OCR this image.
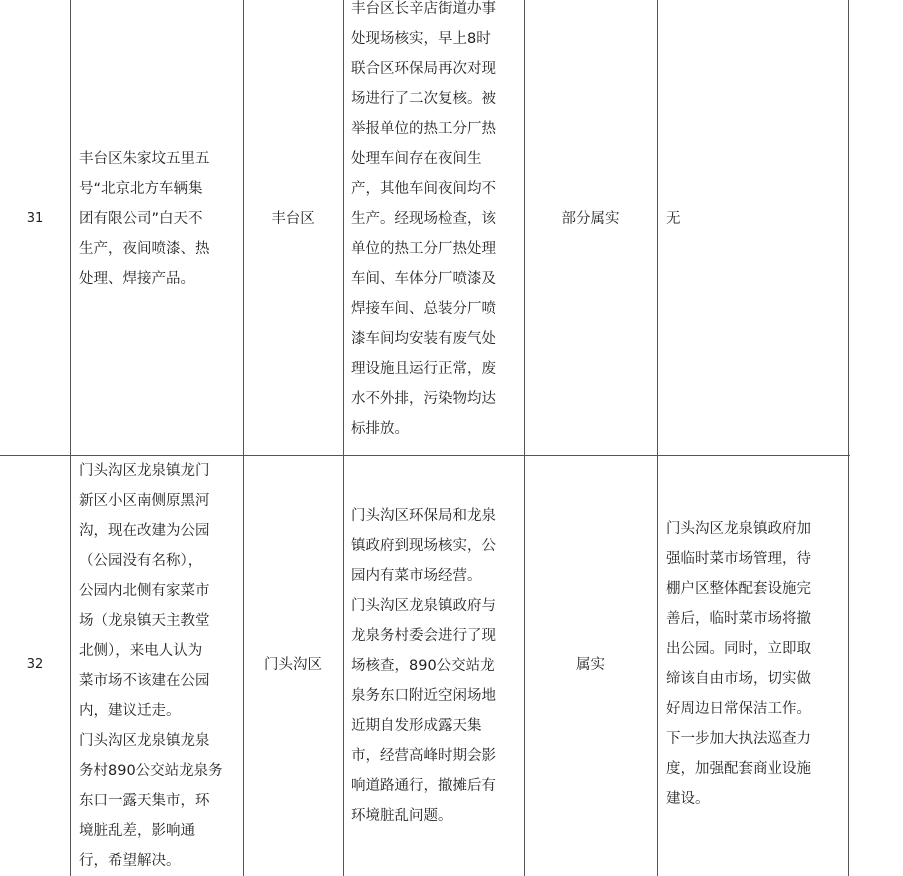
31

丰台区朱家坟五里五
号“北京北方车辆集
团有限公司”白天不
生产，夜间喷漆、热
处理、焊接产品。

丰台区

丰台区长辛店街道办事
处现场核实，早上8时
联合区环保局再次对现
场进行了二次复核。被
举报单位的热工分厂热
处理车间存在夜间生
产，其他车间夜间均不
生产。经现场检查，该
单位的热工分厂热处理
车间、车体分厂喷漆及
焊接车间、总装分厂喷
漆车间均安装有废气处
理设施且运行正常，废
水不外排，污染物均达
标排放。

部分属实	无
32

门头沟区龙泉镇龙门
新区小区南侧原黑河
沟，现在改建为公园
（公园没有名称），
公园内北侧有家菜市
场（龙泉镇天主教堂
北侧），来电人认为
菜市场不该建在公园
内，建议迁走。
门头沟区龙泉镇龙泉
务村890公交站龙泉务
东口一露天集市，环
境脏乱差，影响通
行，希望解决。

门头沟区

门头沟区环保局和龙泉
镇政府到现场核实，公
园内有菜市场经营。
门头沟区龙泉镇政府与
龙泉务村委会进行了现
场核查，890公交站龙
泉务东口附近空闲场地
近期自发形成露天集
市，经营高峰时期会影
响道路通行，撤摊后有
环境脏乱问题。

属实

门头沟区龙泉镇政府加
强临时菜市场管理，待
棚户区整体配套设施完
善后，临时菜市场将撤
出公园。同时，立即取
缔该自由市场，切实做
好周边日常保洁工作。
下一步加大执法巡查力
度，加强配套商业设施
建设。
